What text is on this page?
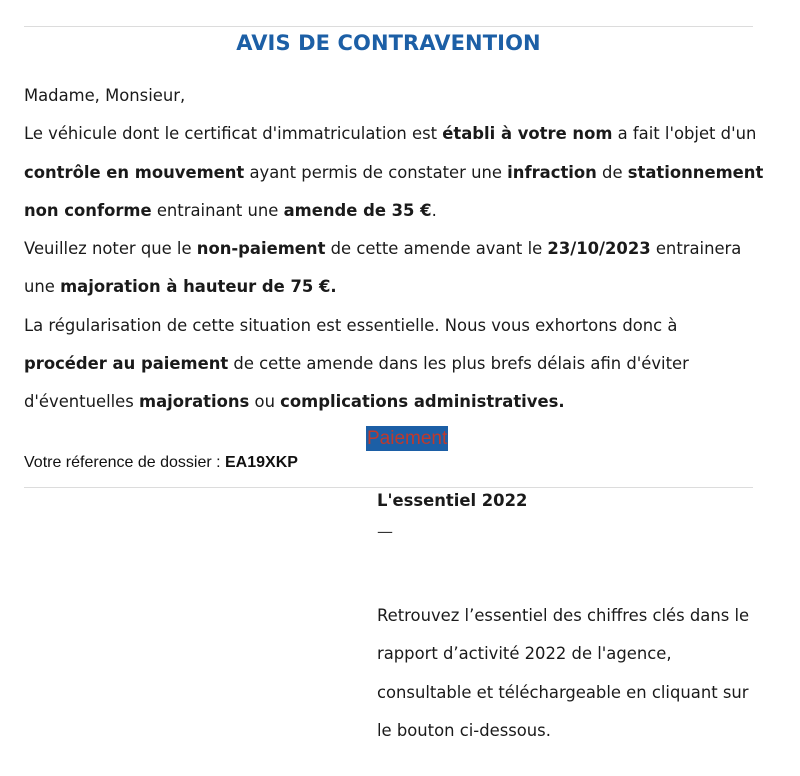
AVIS DE CONTRAVENTION

Madame, Monsieur,

Le véhicule dont le certificat d'immatriculation est établi à votre nom a fait l'objet d'un contrôle en mouvement ayant permis de constater une infraction de stationnement non conforme entrainant une amende de 35 €.

Veuillez noter que le non-paiement de cette amende avant le 23/10/2023 entrainera une majoration à hauteur de 75 €.

La régularisation de cette situation est essentielle. Nous vous exhortons donc à procéder au paiement de cette amende dans les plus brefs délais afin d'éviter d'éventuelles majorations ou complications administratives.

Paiement
Votre réference de dossier : EA19XKP

L'essentiel 2022

—

Retrouvez l’essentiel des chiffres clés dans le rapport d’activité 2022 de l'agence, consultable et téléchargeable en cliquant sur le bouton ci-dessous.
